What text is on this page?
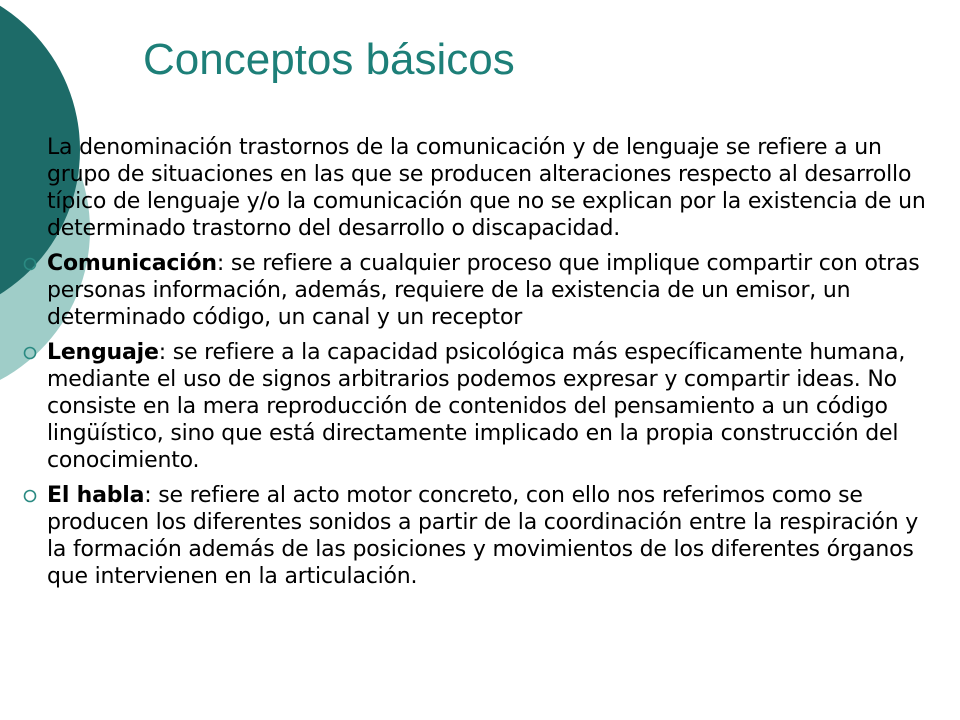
Conceptos básicos
La denominación trastornos de la comunicación y de lenguaje se refiere a un grupo de situaciones en las que se producen alteraciones respecto al desarrollo típico de lenguaje y/o la comunicación que no se explican por la existencia de un determinado trastorno del desarrollo o discapacidad.
Comunicación: se refiere a cualquier proceso que implique compartir con otras personas información, además, requiere de la existencia de un emisor, un determinado código, un canal y un receptor
Lenguaje: se refiere a la capacidad psicológica más específicamente humana, mediante el uso de signos arbitrarios podemos expresar y compartir ideas. No consiste en la mera reproducción de contenidos del pensamiento a un código lingüístico, sino que está directamente implicado en la propia construcción del conocimiento.
El habla: se refiere al acto motor concreto, con ello nos referimos como se producen los diferentes sonidos a partir de la coordinación entre la respiración y la formación además de las posiciones y movimientos de los diferentes órganos que intervienen en la articulación.
